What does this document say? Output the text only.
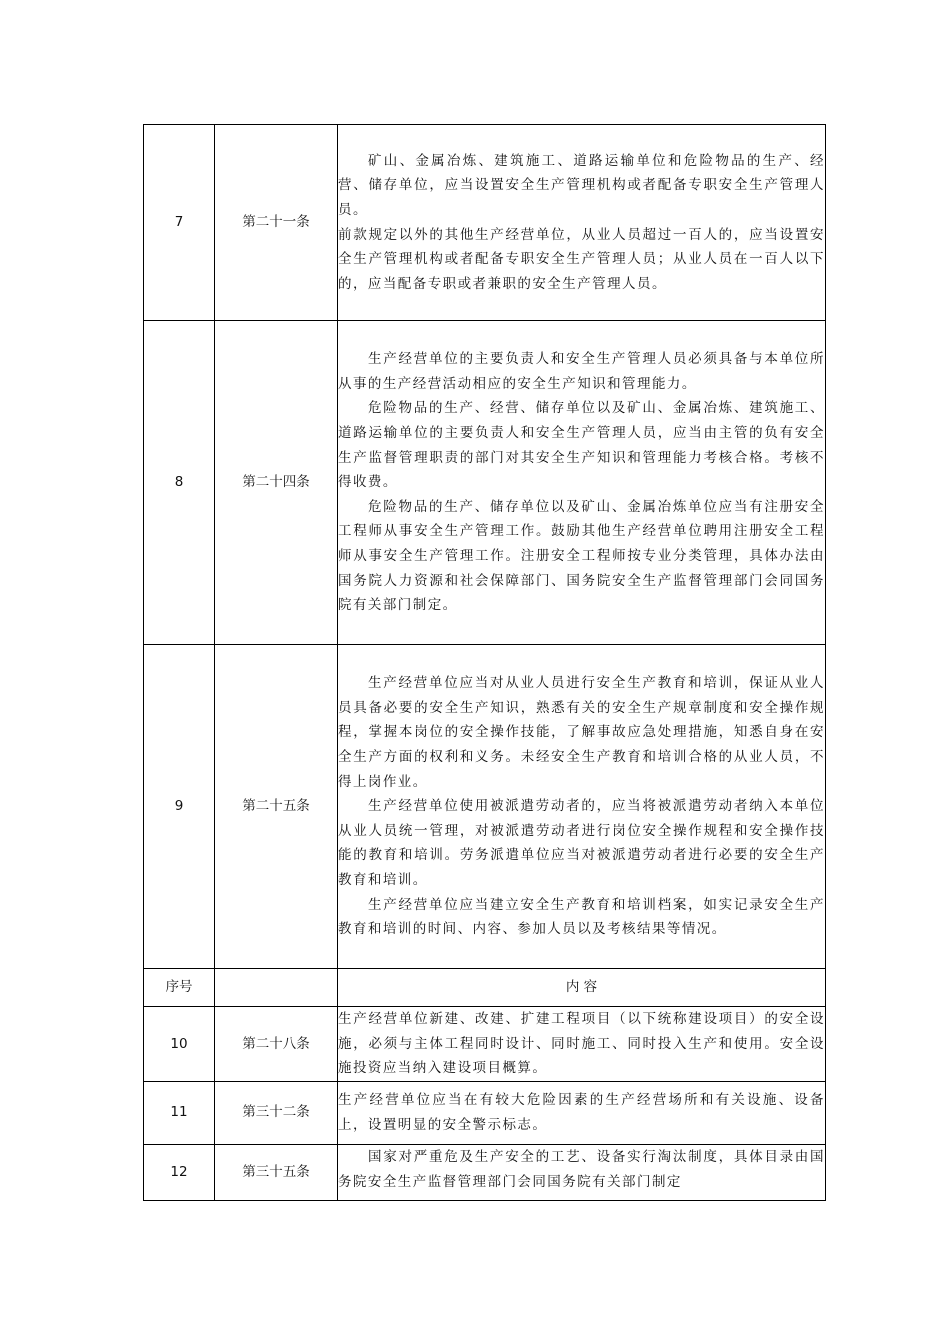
7	第二十一条	矿山、金属冶炼、建筑施工、道路运输单位和危险物品的生产、经营、储存单位，应当设置安全生产管理机构或者配备专职安全生产管理人员。

前款规定以外的其他生产经营单位，从业人员超过一百人的，应当设置安全生产管理机构或者配备专职安全生产管理人员；从业人员在一百人以下的，应当配备专职或者兼职的安全生产管理人员。

8	第二十四条	生产经营单位的主要负责人和安全生产管理人员必须具备与本单位所从事的生产经营活动相应的安全生产知识和管理能力。

危险物品的生产、经营、储存单位以及矿山、金属冶炼、建筑施工、道路运输单位的主要负责人和安全生产管理人员，应当由主管的负有安全生产监督管理职责的部门对其安全生产知识和管理能力考核合格。考核不得收费。

危险物品的生产、储存单位以及矿山、金属冶炼单位应当有注册安全工程师从事安全生产管理工作。鼓励其他生产经营单位聘用注册安全工程师从事安全生产管理工作。注册安全工程师按专业分类管理，具体办法由国务院人力资源和社会保障部门、国务院安全生产监督管理部门会同国务院有关部门制定。

9	第二十五条	生产经营单位应当对从业人员进行安全生产教育和培训，保证从业人员具备必要的安全生产知识，熟悉有关的安全生产规章制度和安全操作规程，掌握本岗位的安全操作技能，了解事故应急处理措施，知悉自身在安全生产方面的权利和义务。未经安全生产教育和培训合格的从业人员，不得上岗作业。

生产经营单位使用被派遣劳动者的，应当将被派遣劳动者纳入本单位从业人员统一管理，对被派遣劳动者进行岗位安全操作规程和安全操作技能的教育和培训。劳务派遣单位应当对被派遣劳动者进行必要的安全生产教育和培训。

生产经营单位应当建立安全生产教育和培训档案，如实记录安全生产教育和培训的时间、内容、参加人员以及考核结果等情况。

序号		内 容
10	第二十八条	生产经营单位新建、改建、扩建工程项目（以下统称建设项目）的安全设施，必须与主体工程同时设计、同时施工、同时投入生产和使用。安全设施投资应当纳入建设项目概算。

11	第三十二条	生产经营单位应当在有较大危险因素的生产经营场所和有关设施、设备上，设置明显的安全警示标志。

12	第三十五条	国家对严重危及生产安全的工艺、设备实行淘汰制度，具体目录由国务院安全生产监督管理部门会同国务院有关部门制定
